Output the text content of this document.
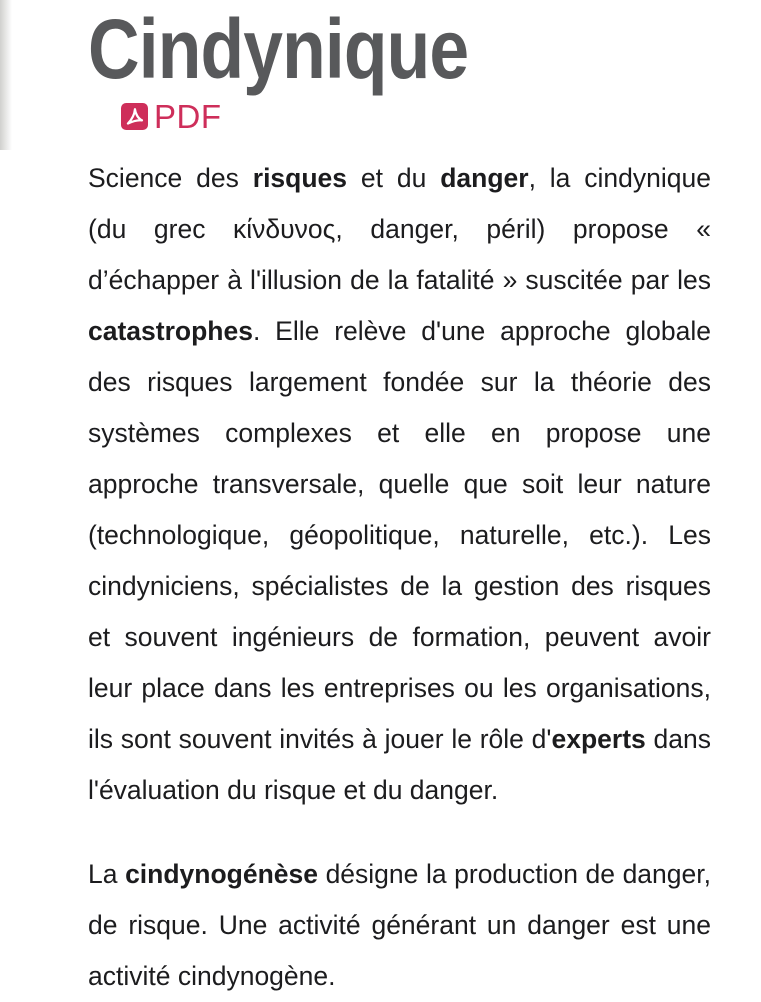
Cindynique
PDF

Science des risques et du danger, la cindynique (du grec κίνδυνος, danger, péril) propose « d’échapper à l'illusion de la fatalité » suscitée par les catastrophes. Elle relève d'une approche globale des risques largement fondée sur la théorie des systèmes complexes et elle en propose une approche transversale, quelle que soit leur nature (technologique, géopolitique, naturelle, etc.). Les cindyniciens, spécialistes de la gestion des risques et souvent ingénieurs de formation, peuvent avoir leur place dans les entreprises ou les organisations, ils sont souvent invités à jouer le rôle d'experts dans l'évaluation du risque et du danger.

La cindynogénèse désigne la production de danger, de risque. Une activité générant un danger est une activité cindynogène.
